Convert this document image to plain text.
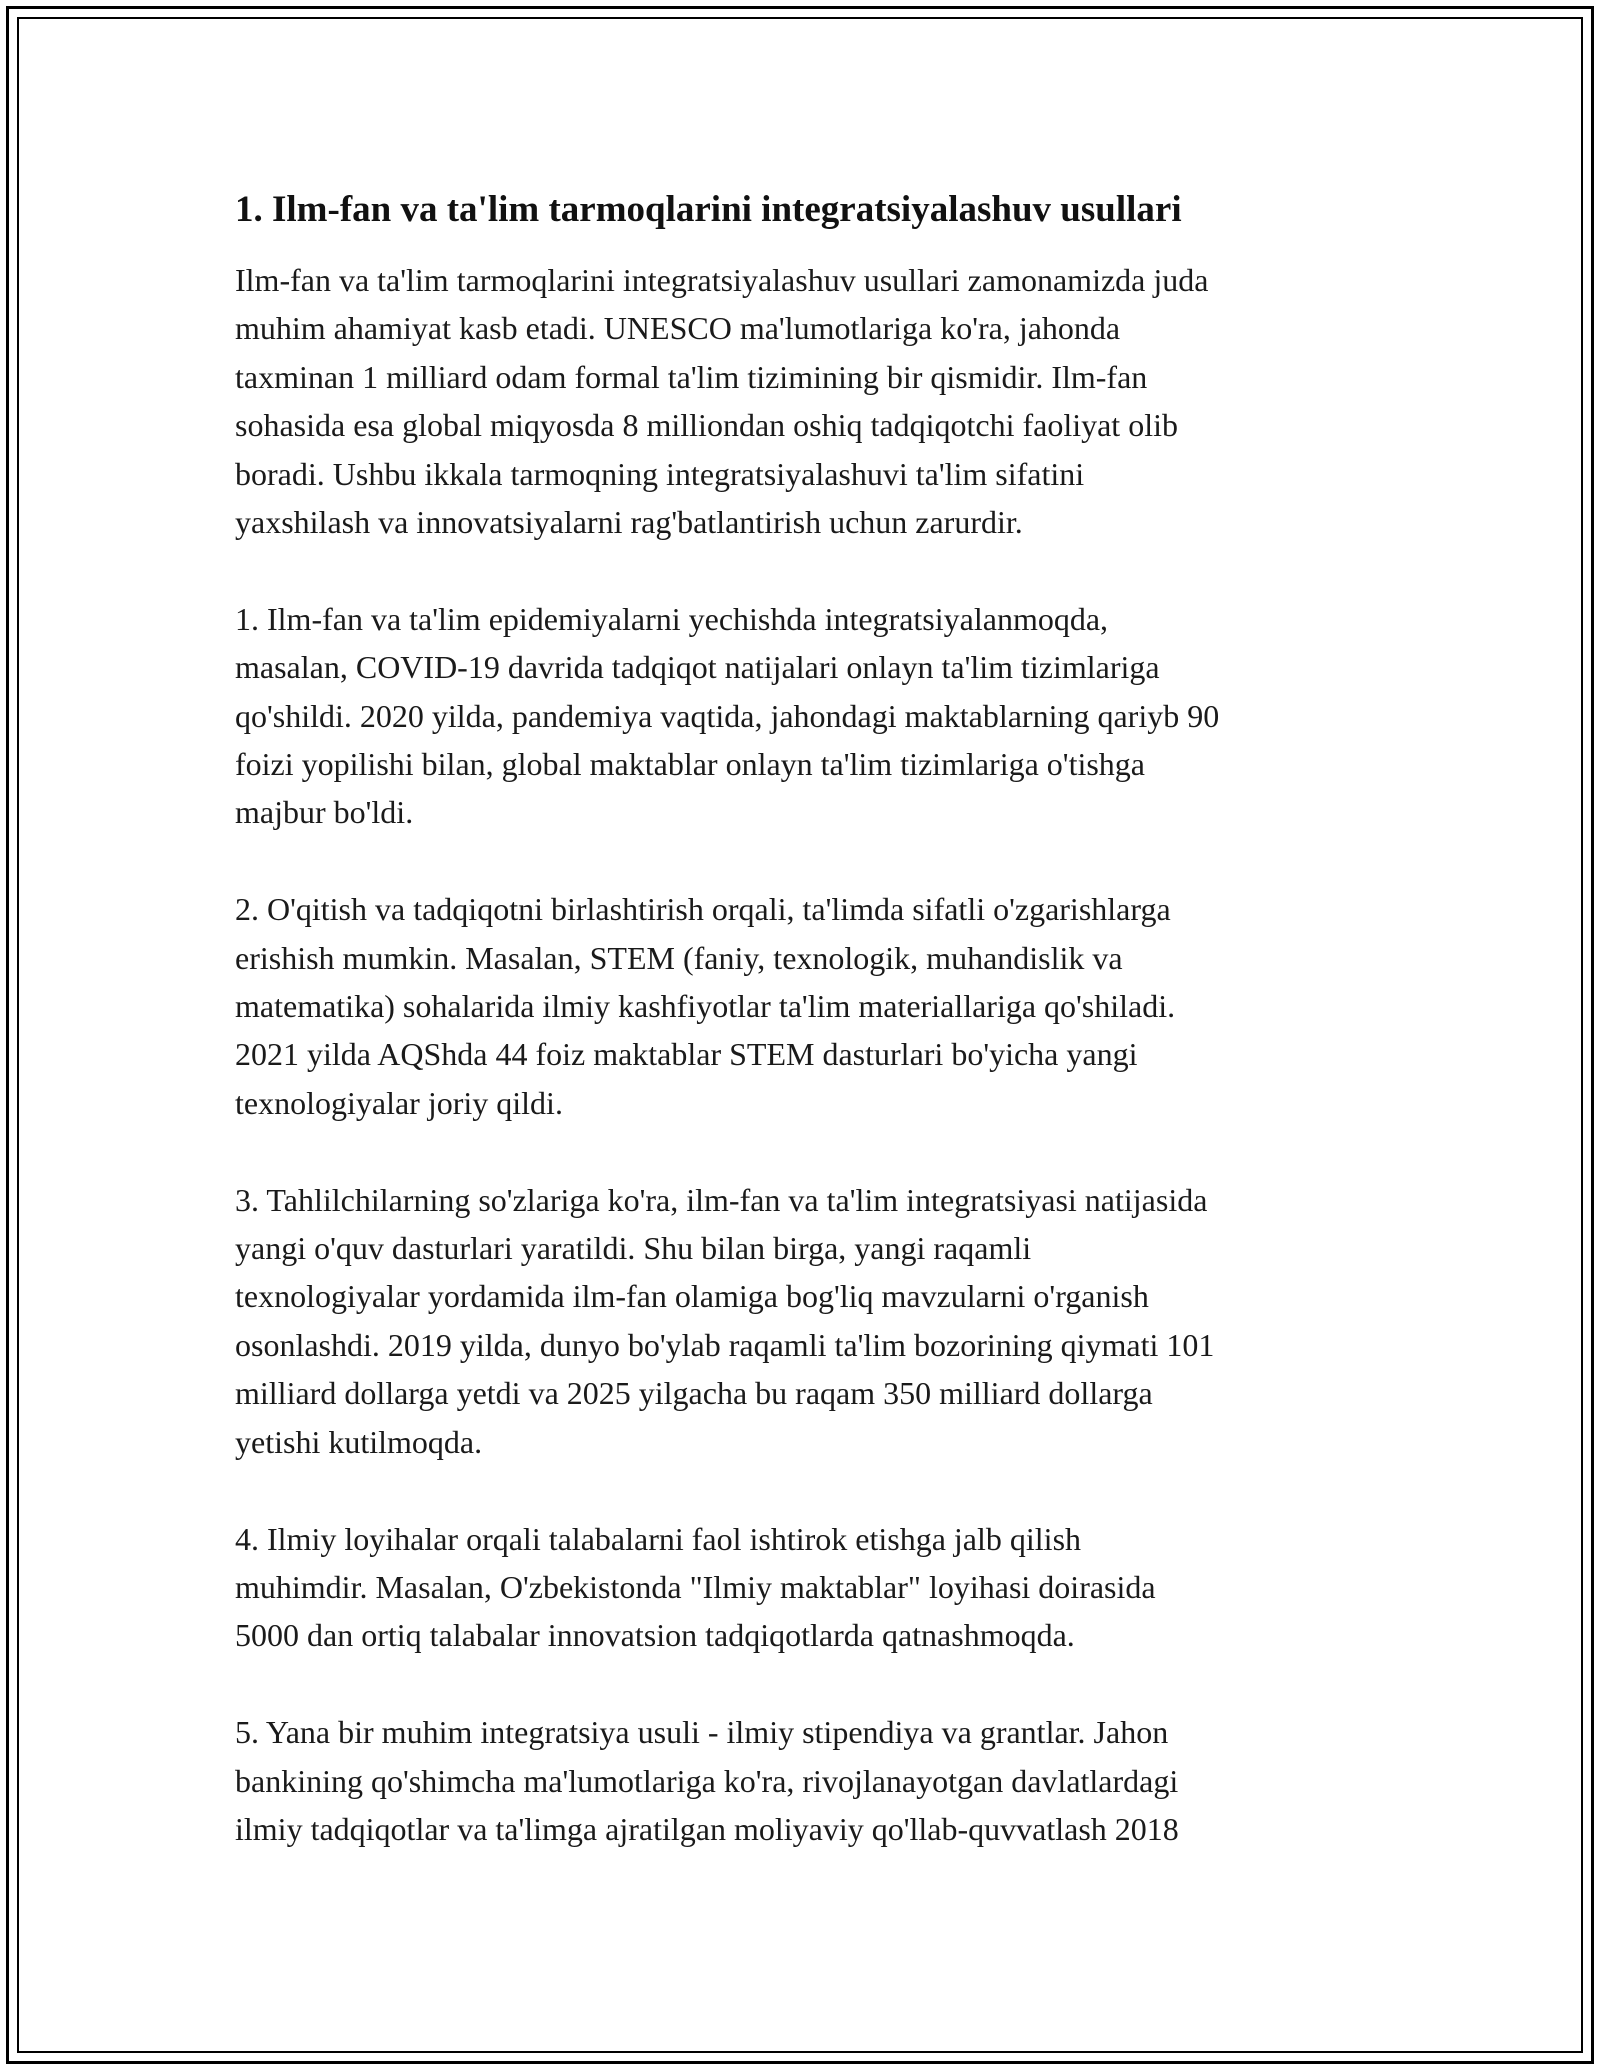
1. Ilm-fan va ta'lim tarmoqlarini integratsiyalashuv usullari
Ilm-fan va ta'lim tarmoqlarini integratsiyalashuv usullari zamonamizda juda
muhim ahamiyat kasb etadi. UNESCO ma'lumotlariga ko'ra, jahonda
taxminan 1 milliard odam formal ta'lim tizimining bir qismidir. Ilm-fan
sohasida esa global miqyosda 8 milliondan oshiq tadqiqotchi faoliyat olib
boradi. Ushbu ikkala tarmoqning integratsiyalashuvi ta'lim sifatini
yaxshilash va innovatsiyalarni rag'batlantirish uchun zarurdir.
1. Ilm-fan va ta'lim epidemiyalarni yechishda integratsiyalanmoqda,
masalan, COVID-19 davrida tadqiqot natijalari onlayn ta'lim tizimlariga
qo'shildi. 2020 yilda, pandemiya vaqtida, jahondagi maktablarning qariyb 90
foizi yopilishi bilan, global maktablar onlayn ta'lim tizimlariga o'tishga
majbur bo'ldi.
2. O'qitish va tadqiqotni birlashtirish orqali, ta'limda sifatli o'zgarishlarga
erishish mumkin. Masalan, STEM (faniy, texnologik, muhandislik va
matematika) sohalarida ilmiy kashfiyotlar ta'lim materiallariga qo'shiladi.
2021 yilda AQShda 44 foiz maktablar STEM dasturlari bo'yicha yangi
texnologiyalar joriy qildi.
3. Tahlilchilarning so'zlariga ko'ra, ilm-fan va ta'lim integratsiyasi natijasida
yangi o'quv dasturlari yaratildi. Shu bilan birga, yangi raqamli
texnologiyalar yordamida ilm-fan olamiga bog'liq mavzularni o'rganish
osonlashdi. 2019 yilda, dunyo bo'ylab raqamli ta'lim bozorining qiymati 101
milliard dollarga yetdi va 2025 yilgacha bu raqam 350 milliard dollarga
yetishi kutilmoqda.
4. Ilmiy loyihalar orqali talabalarni faol ishtirok etishga jalb qilish
muhimdir. Masalan, O'zbekistonda "Ilmiy maktablar" loyihasi doirasida
5000 dan ortiq talabalar innovatsion tadqiqotlarda qatnashmoqda.
5. Yana bir muhim integratsiya usuli - ilmiy stipendiya va grantlar. Jahon
bankining qo'shimcha ma'lumotlariga ko'ra, rivojlanayotgan davlatlardagi
ilmiy tadqiqotlar va ta'limga ajratilgan moliyaviy qo'llab-quvvatlash 2018
